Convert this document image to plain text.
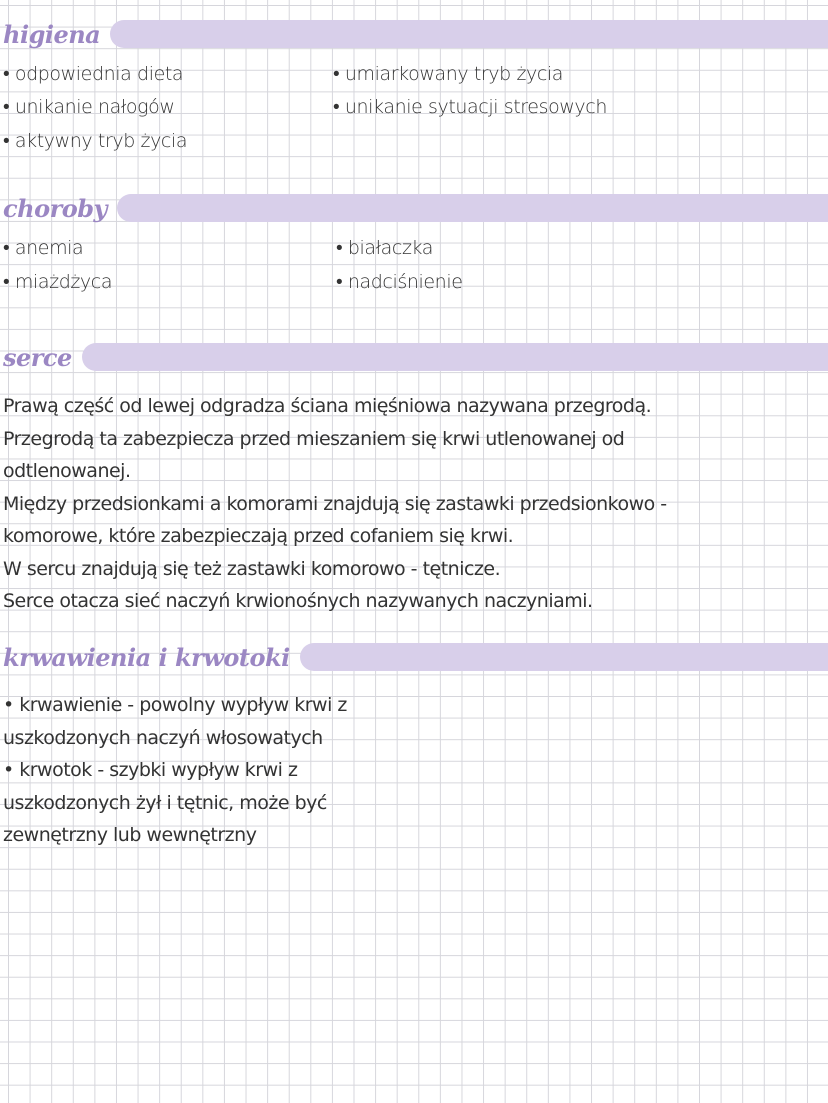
higiena
• odpowiednia dieta
• unikanie nałogów
• aktywny tryb życia
• umiarkowany tryb życia
• unikanie sytuacji stresowych
choroby
• anemia
• miażdżyca
• białaczka
• nadciśnienie
serce
Prawą część od lewej odgradza ściana mięśniowa nazywana przegrodą.
Przegrodą ta zabezpiecza przed mieszaniem się krwi utlenowanej od
odtlenowanej.
Między przedsionkami a komorami znajdują się zastawki przedsionkowo -
komorowe, które zabezpieczają przed cofaniem się krwi.
W sercu znajdują się też zastawki komorowo - tętnicze.
Serce otacza sieć naczyń krwionośnych nazywanych naczyniami.
krwawienia i krwotoki
• krwawienie - powolny wypływ krwi z
uszkodzonych naczyń włosowatych
• krwotok - szybki wypływ krwi z
uszkodzonych żył i tętnic, może być
zewnętrzny lub wewnętrzny
